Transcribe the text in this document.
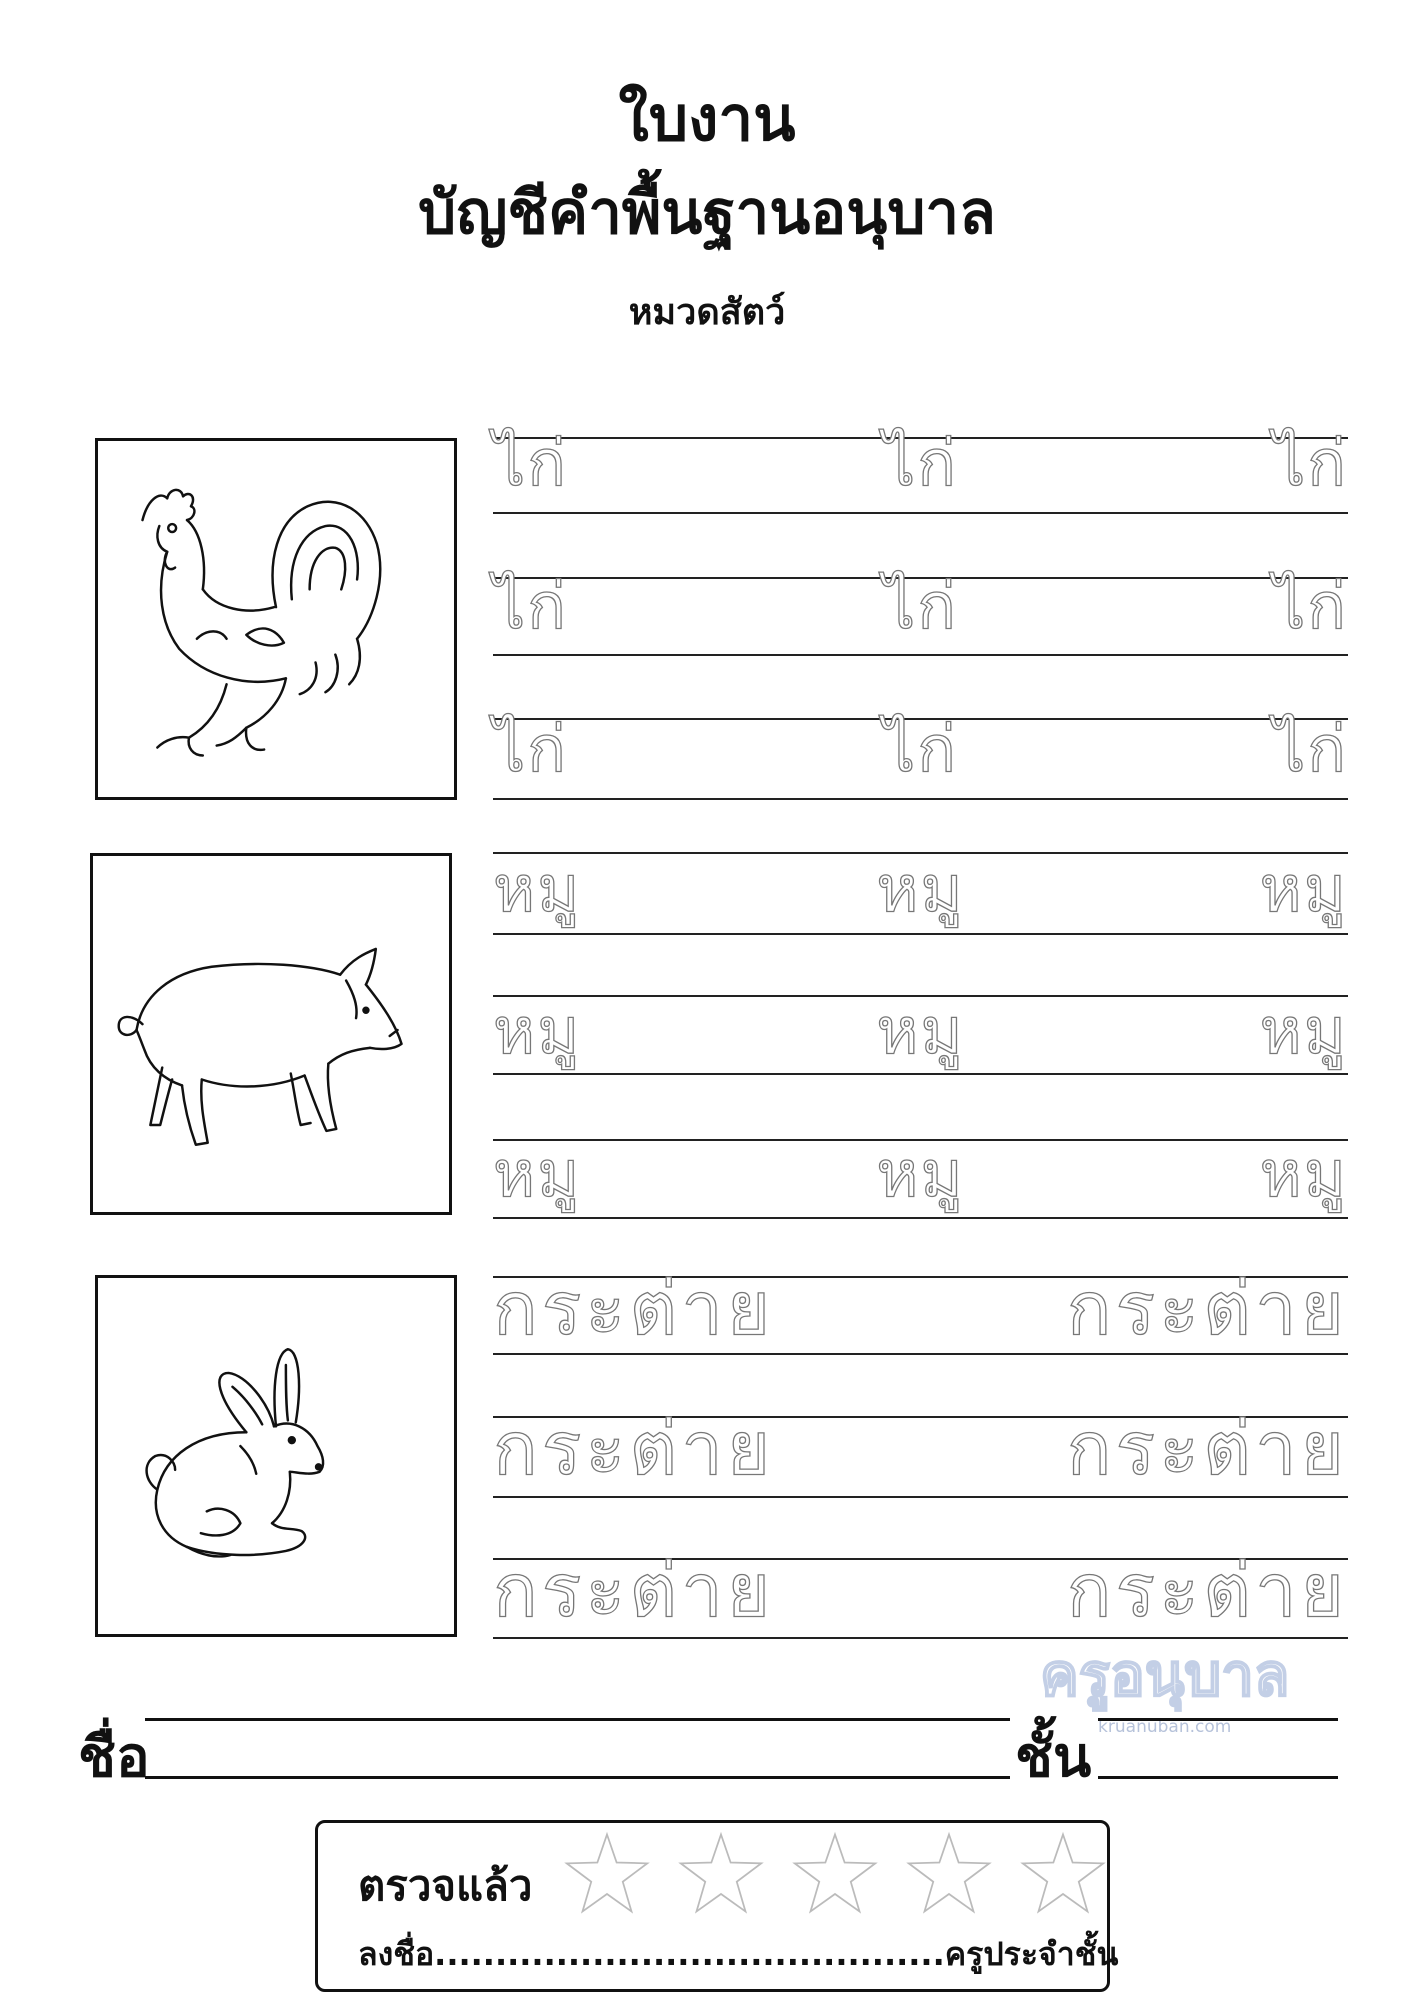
ใบงาน
บัญชีคำพื้นฐานอนุบาล
หมวดสัตว์
ไก่	ไก่	ไก่
ไก่	ไก่	ไก่
ไก่	ไก่	ไก่
หมู	หมู	หมู
หมู	หมู	หมู
หมู	หมู	หมู
กระต่าย	กระต่าย
กระต่าย	กระต่าย
กระต่าย	กระต่าย
ครูอนุบาล
kruanuban.com
ชื่อ	ชั้น
ตรวจแล้ว
ลงชื่อ..........................................ครูประจำชั้น
